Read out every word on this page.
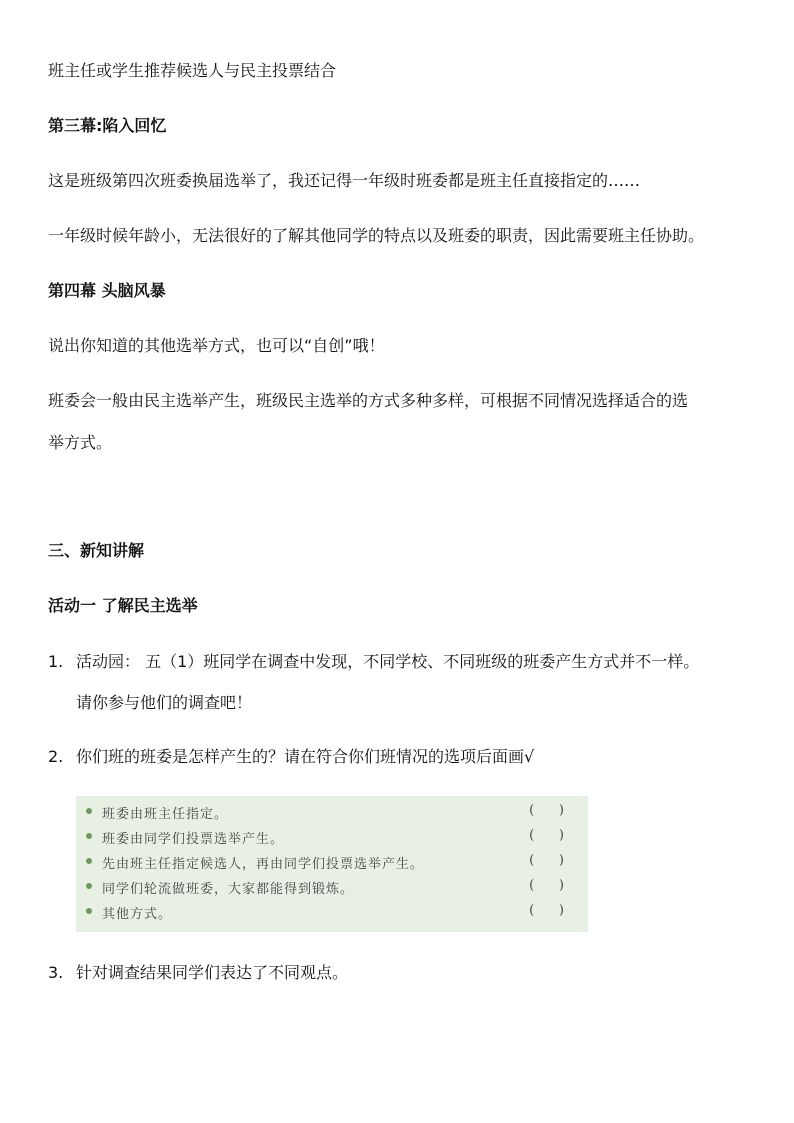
班主任或学生推荐候选人与民主投票结合
第三幕:陷入回忆
这是班级第四次班委换届选举了，我还记得一年级时班委都是班主任直接指定的……
一年级时候年龄小，无法很好的了解其他同学的特点以及班委的职责，因此需要班主任协助。
第四幕 头脑风暴
说出你知道的其他选举方式，也可以“自创”哦！
班委会一般由民主选举产生，班级民主选举的方式多种多样，可根据不同情况选择适合的选
举方式。
三、新知讲解
活动一 了解民主选举
1. 活动园： 五（1）班同学在调查中发现，不同学校、不同班级的班委产生方式并不一样。
请你参与他们的调查吧！
2. 你们班的班委是怎样产生的？请在符合你们班情况的选项后面画√
班委由班主任指定。	(      )
班委由同学们投票选举产生。	(      )
先由班主任指定候选人，再由同学们投票选举产生。	(      )
同学们轮流做班委，大家都能得到锻炼。	(      )
其他方式。	(      )
3. 针对调查结果同学们表达了不同观点。
